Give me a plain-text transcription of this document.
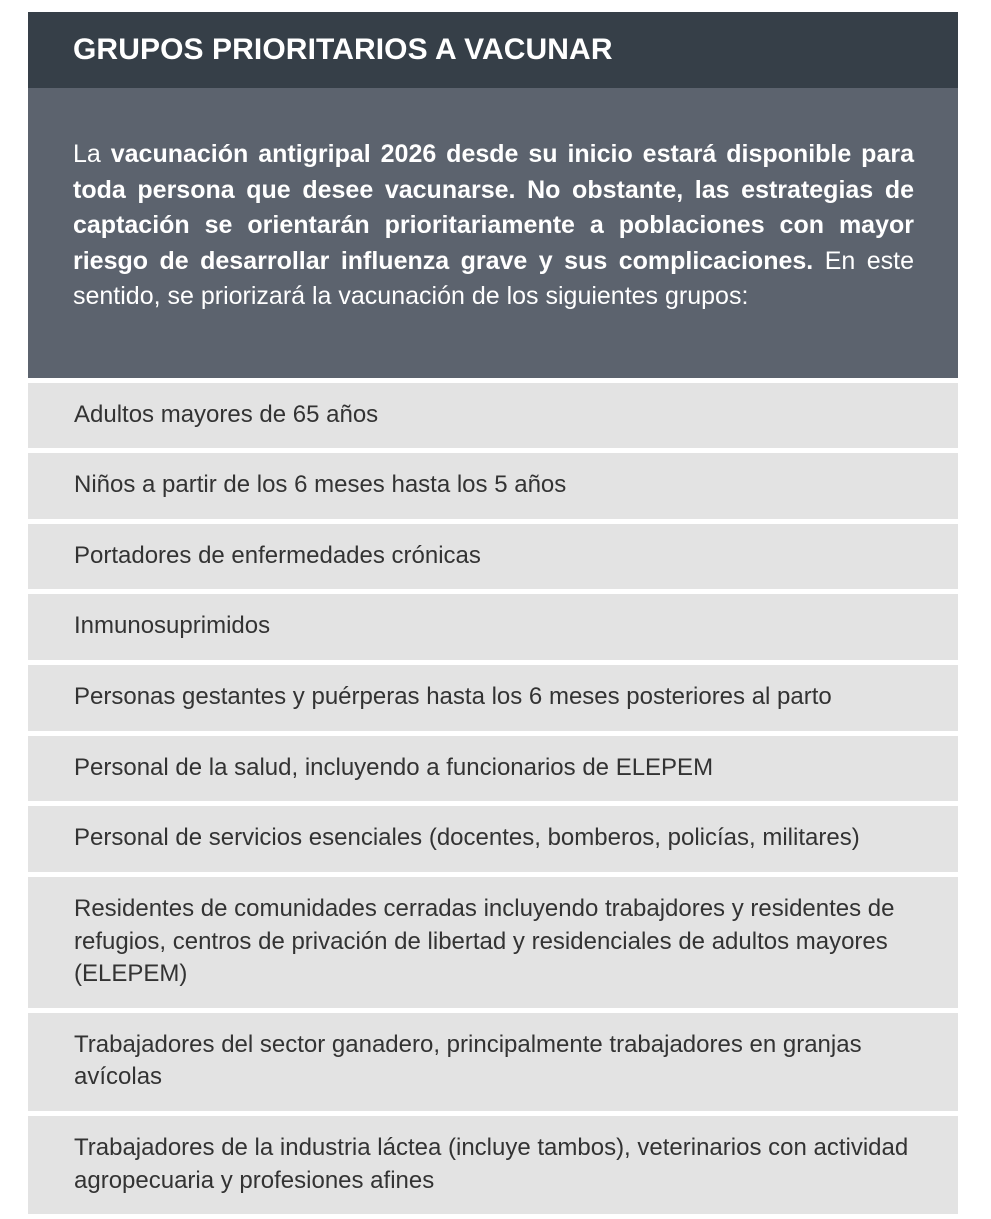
GRUPOS PRIORITARIOS A VACUNAR

La vacunación antigripal 2026 desde su inicio estará disponible para toda persona que desee vacunarse. No obstante, las estrategias de captación se orientarán prioritariamente a poblaciones con mayor riesgo de desarrollar influenza grave y sus complicaciones. En este sentido, se priorizará la vacunación de los siguientes grupos:

Adultos mayores de 65 años
Niños a partir de los 6 meses hasta los 5 años
Portadores de enfermedades crónicas
Inmunosuprimidos
Personas gestantes y puérperas hasta los 6 meses posteriores al parto
Personal de la salud, incluyendo a funcionarios de ELEPEM
Personal de servicios esenciales (docentes, bomberos, policías, militares)
Residentes de comunidades cerradas incluyendo trabajdores y residentes de refugios, centros de privación de libertad y residenciales de adultos mayores (ELEPEM)
Trabajadores del sector ganadero, principalmente trabajadores en granjas avícolas
Trabajadores de la industria láctea (incluye tambos), veterinarios con actividad agropecuaria y profesiones afines
